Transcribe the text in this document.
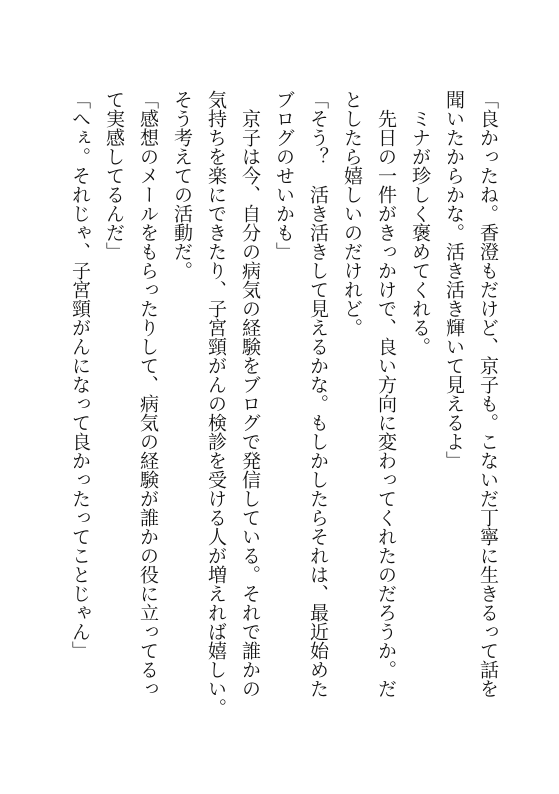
「良かったね。香澄もだけど、京子も。こないだ丁寧に生きるって話を
聞いたからかな。活き活き輝いて見えるよ」
　ミナが珍しく褒めてくれる。
　先日の一件がきっかけで、良い方向に変わってくれたのだろうか。だ
としたら嬉しいのだけれど。
「そう？　活き活きして見えるかな。もしかしたらそれは、最近始めた
ブログのせいかも」
　京子は今、自分の病気の経験をブログで発信している。それで誰かの
気持ちを楽にできたり、子宮頸がんの検診を受ける人が増えれば嬉しい。
そう考えての活動だ。
「感想のメールをもらったりして、病気の経験が誰かの役に立ってるっ
て実感してるんだ」
「へぇ。それじゃ、子宮頸がんになって良かったってことじゃん」
